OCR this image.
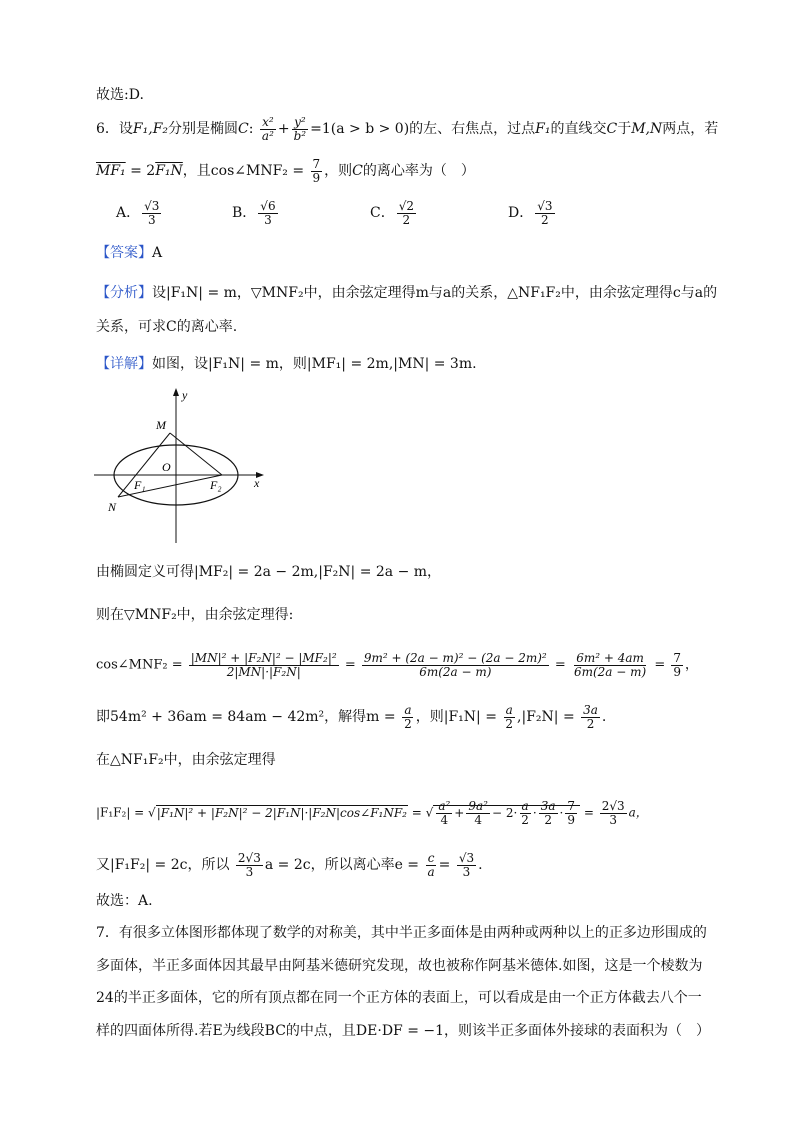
故选:D.
6．设F₁,F₂分别是椭圆C: $\frac{\text{x²}}{\text{a²}} + \frac{\text{y²}}{\text{b²}} =1(a > b > 0)$的左、右焦点，过点F₁的直线交C于M,N两点，若
MF₁ = 2F₁N，且cos∠MNF₂ = $\frac{7}{9}$ ，则C的离心率为（　）
A． $\frac{√3}{3}$	B． $\frac{√6}{3}$	C． $\frac{√2}{2}$	D． $\frac{√3}{2}$
【答案】A
【分析】设|F₁N| = m，▽MNF₂中，由余弦定理得m与a的关系，△NF₁F₂中，由余弦定理得c与a的
关系，可求C的离心率.
【详解】如图，设|F₁N| = m，则|MF₁| = 2m,|MN| = 3m.
y
x
M
O
F₁	F₂
N
由椭圆定义可得|MF₂| = 2a − 2m,|F₂N| = 2a − m，
则在▽MNF₂中，由余弦定理得:
cos∠MNF₂ = $\frac{\text{|MN|² + |F₂N|² − |MF₂|²}}{\text{2|MN|·|F₂N|}} = \frac{\text{9m² + (2a − m)² − (2a − 2m)²}}{6m(2a - m)} = \frac{\text{6m² + 4am}}{6m(2a - m)} = \frac{7}{9}$ ，
即54m² + 36am = 84am − 42m²，解得$m = \frac{a}{2}$ ，则$|F_1N| = \frac{a}{2} ,|F_2N| = \frac{3a}{2}$ .
在△NF₁F₂中，由余弦定理得
|F₁F₂| = √|F₁N|² + |F₂N|² − 2|F₁N|·|F₂N|cos∠F₁NF₂ = √ $\frac{\text{a²}}{4} + \frac{\text{9a²}}{4} - 2\cdot \frac{a}{2} \cdot \frac{3a}{2} \cdot \frac{7}{9} = \frac{2√3}{3}$ a，
又|F₁F₂| = 2c，所以 $\frac{2√3}{3}$ a = 2c，所以离心率$e = \frac{c}{a} = \frac{√3}{3}$ .
故选：A.
7．有很多立体图形都体现了数学的对称美，其中半正多面体是由两种或两种以上的正多边形围成的
多面体，半正多面体因其最早由阿基米德研究发现，故也被称作阿基米德体.如图，这是一个棱数为
24的半正多面体，它的所有顶点都在同一个正方体的表面上，可以看成是由一个正方体截去八个一
样的四面体所得.若E为线段BC的中点，且DE·DF = −1，则该半正多面体外接球的表面积为（　）
